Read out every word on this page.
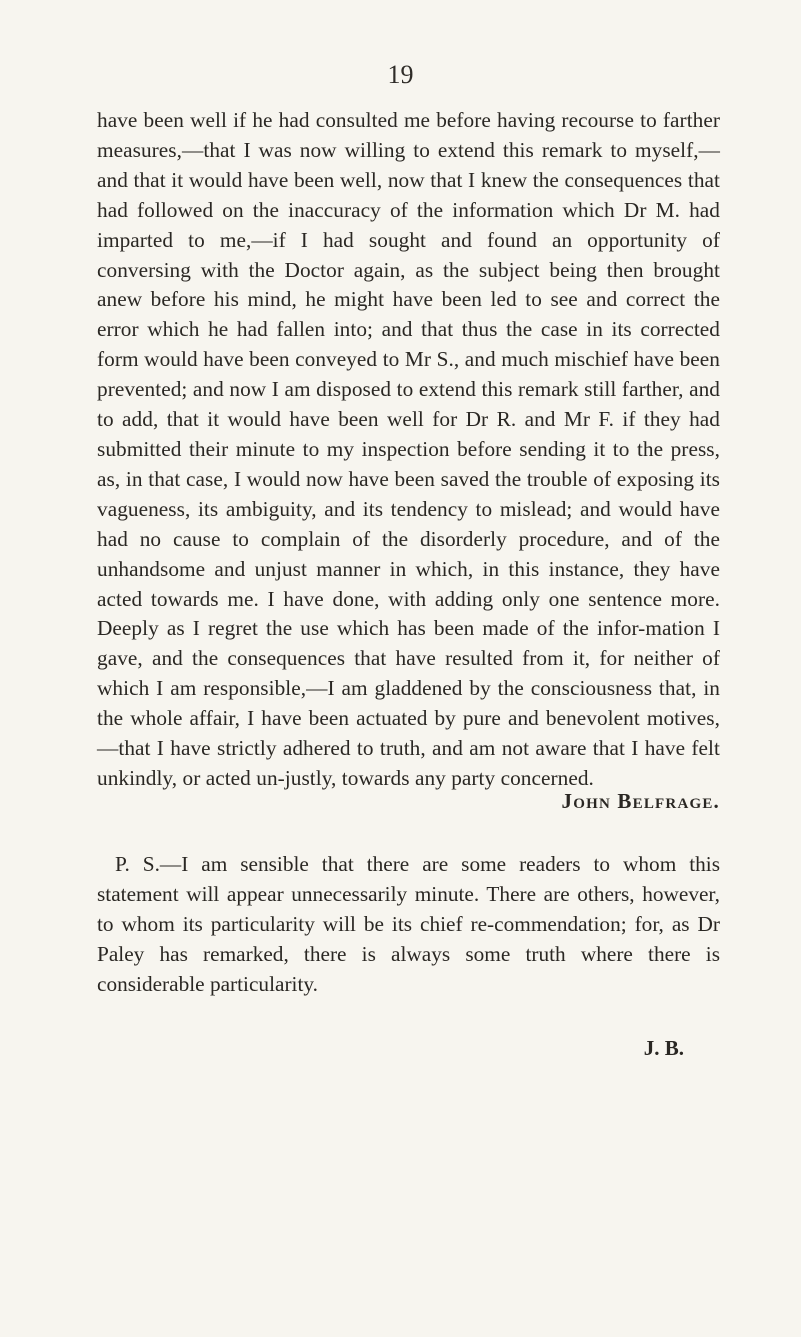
19

have been well if he had consulted me before having recourse to farther measures,—that I was now willing to extend this remark to myself,—and that it would have been well, now that I knew the consequences that had followed on the inaccuracy of the information which Dr M. had imparted to me,—if I had sought and found an opportunity of conversing with the Doctor again, as the subject being then brought anew before his mind, he might have been led to see and correct the error which he had fallen into; and that thus the case in its corrected form would have been conveyed to Mr S., and much mischief have been prevented; and now I am disposed to extend this remark still farther, and to add, that it would have been well for Dr R. and Mr F. if they had submitted their minute to my inspection before sending it to the press, as, in that case, I would now have been saved the trouble of exposing its vagueness, its ambiguity, and its tendency to mislead; and would have had no cause to complain of the disorderly procedure, and of the unhandsome and unjust manner in which, in this instance, they have acted towards me. I have done, with adding only one sentence more. Deeply as I regret the use which has been made of the infor-mation I gave, and the consequences that have resulted from it, for neither of which I am responsible,—I am gladdened by the consciousness that, in the whole affair, I have been actuated by pure and benevolent motives,—that I have strictly adhered to truth, and am not aware that I have felt unkindly, or acted un-justly, towards any party concerned.

John Belfrage.

P. S.—I am sensible that there are some readers to whom this statement will appear unnecessarily minute. There are others, however, to whom its particularity will be its chief re-commendation; for, as Dr Paley has remarked, there is always some truth where there is considerable particularity.

J. B.
